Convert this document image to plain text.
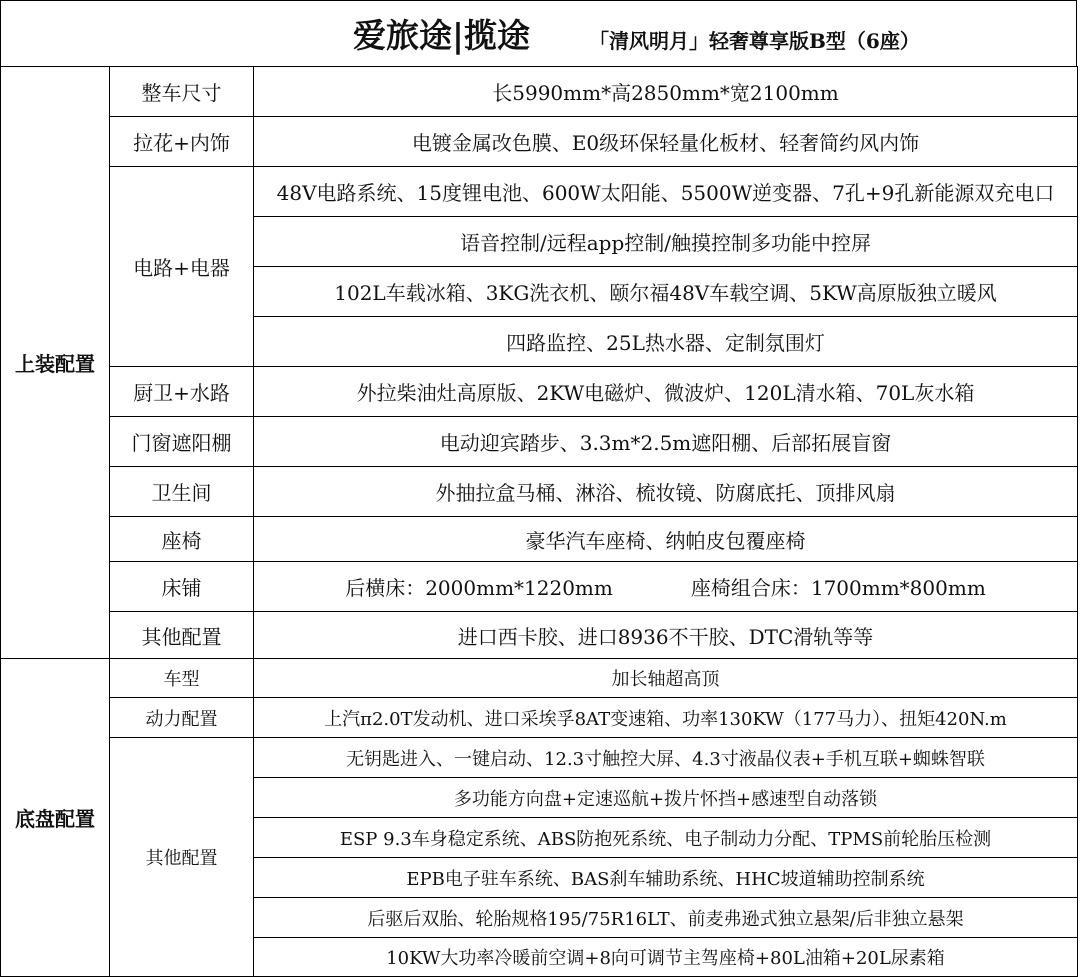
爱旅途|揽途	「清风明月」轻奢尊享版B型（6座）
上装配置	整车尺寸	长5990mm*高2850mm*宽2100mm
	拉花+内饰	电镀金属改色膜、E0级环保轻量化板材、轻奢简约风内饰
	电路+电器	48V电路系统、15度锂电池、600W太阳能、5500W逆变器、7孔+9孔新能源双充电口
		语音控制/远程app控制/触摸控制多功能中控屏
		102L车载冰箱、3KG洗衣机、颐尔福48V车载空调、5KW高原版独立暖风
		四路监控、25L热水器、定制氛围灯
	厨卫+水路	外拉柴油灶高原版、2KW电磁炉、微波炉、120L清水箱、70L灰水箱
	门窗遮阳棚	电动迎宾踏步、3.3m*2.5m遮阳棚、后部拓展盲窗
	卫生间	外抽拉盒马桶、淋浴、梳妆镜、防腐底托、顶排风扇
	座椅	豪华汽车座椅、纳帕皮包覆座椅
	床铺	后横床：2000mm*1220mm 座椅组合床：1700mm*800mm
	其他配置	进口西卡胶、进口8936不干胶、DTC滑轨等等
底盘配置	车型	加长轴超高顶
	动力配置	上汽π2.0T发动机、进口采埃孚8AT变速箱、功率130KW（177马力）、扭矩420N.m
	其他配置	无钥匙进入、一键启动、12.3寸触控大屏、4.3寸液晶仪表+手机互联+蜘蛛智联
		多功能方向盘+定速巡航+拨片怀挡+感速型自动落锁
		ESP 9.3车身稳定系统、ABS防抱死系统、电子制动力分配、TPMS前轮胎压检测
		EPB电子驻车系统、BAS刹车辅助系统、HHC坡道辅助控制系统
		后驱后双胎、轮胎规格195/75R16LT、前麦弗逊式独立悬架/后非独立悬架
		10KW大功率冷暖前空调+8向可调节主驾座椅+80L油箱+20L尿素箱
